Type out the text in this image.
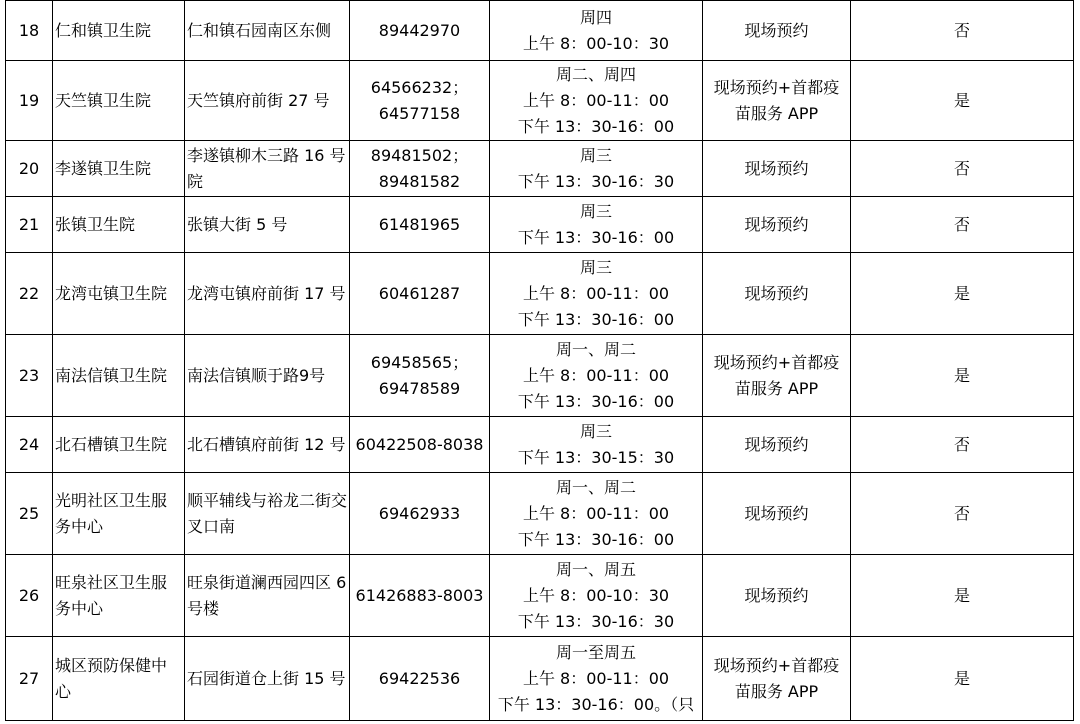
18	仁和镇卫生院	仁和镇石园南区东侧	89442970	周四
上午 8：00-10：30	现场预约	否

19	天竺镇卫生院	天竺镇府前街 27 号	64566232；
64577158	周二、周四
上午 8：00-11：00
下午 13：30-16：00	现场预约+首都疫
苗服务 APP	是

20	李遂镇卫生院	李遂镇柳木三路 16 号院	89481502；
89481582	周三
下午 13：30-16：30	现场预约	否

21	张镇卫生院	张镇大街 5 号	61481965	周三
下午 13：30-16：00	现场预约	否

22	龙湾屯镇卫生院	龙湾屯镇府前街 17 号	60461287	周三
上午 8：00-11：00
下午 13：30-16：00	现场预约	是

23	南法信镇卫生院	南法信镇顺于路9号	69458565；
69478589	周一、周二
上午 8：00-11：00
下午 13：30-16：00	现场预约+首都疫
苗服务 APP	是

24	北石槽镇卫生院	北石槽镇府前街 12 号	60422508-8038	周三
下午 13：30-15：30	现场预约	否

25	光明社区卫生服务中心	顺平辅线与裕龙二街交叉口南	69462933	周一、周二
上午 8：00-11：00
下午 13：30-16：00	现场预约	否

26	旺泉社区卫生服务中心	旺泉街道澜西园四区 6 号楼	61426883-8003	周一、周五
上午 8：00-10：30
下午 13：30-16：30	现场预约	是

27	城区预防保健中心	石园街道仓上街 15 号	69422536	周一至周五
上午 8：00-11：00
下午 13：30-16：00。（只	现场预约+首都疫
苗服务 APP	是
